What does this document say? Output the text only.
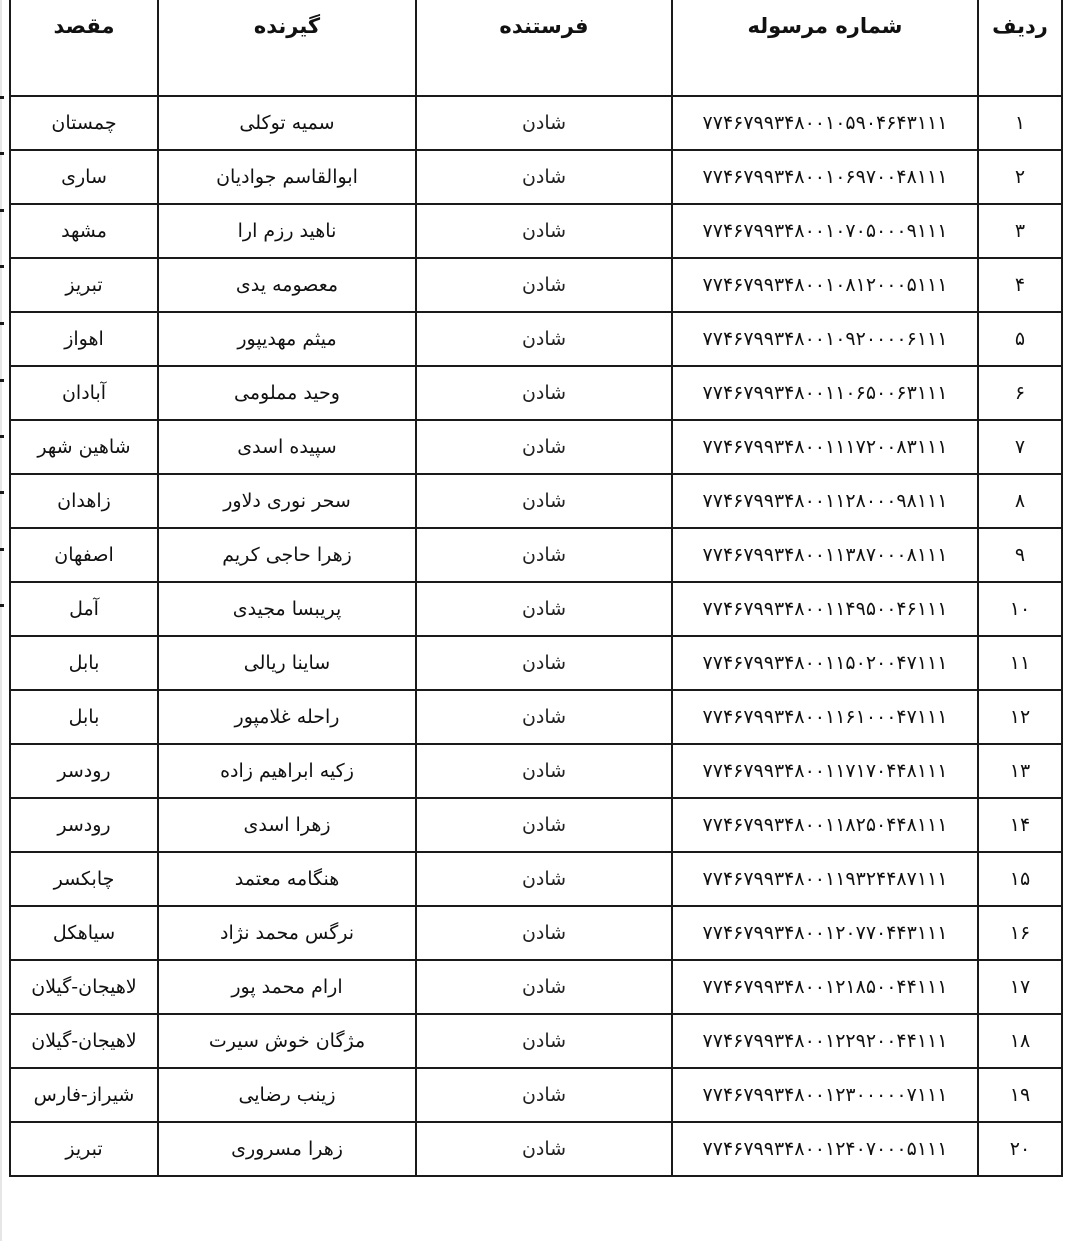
ردیف	شماره مرسوله	فرستنده	گیرنده	مقصد
۱	۷۷۴۶۷۹۹۳۴۸۰۰۱۰۵۹۰۴۶۴۳۱۱۱	شادن	سمیه توکلی	چمستان
۲	۷۷۴۶۷۹۹۳۴۸۰۰۱۰۶۹۷۰۰۴۸۱۱۱	شادن	ابوالقاسم جوادیان	ساری
۳	۷۷۴۶۷۹۹۳۴۸۰۰۱۰۷۰۵۰۰۰۹۱۱۱	شادن	ناهید رزم ارا	مشهد
۴	۷۷۴۶۷۹۹۳۴۸۰۰۱۰۸۱۲۰۰۰۵۱۱۱	شادن	معصومه یدی	تبریز
۵	۷۷۴۶۷۹۹۳۴۸۰۰۱۰۹۲۰۰۰۰۶۱۱۱	شادن	میثم مهدیپور	اهواز
۶	۷۷۴۶۷۹۹۳۴۸۰۰۱۱۰۶۵۰۰۶۳۱۱۱	شادن	وحید مملومی	آبادان
۷	۷۷۴۶۷۹۹۳۴۸۰۰۱۱۱۷۲۰۰۸۳۱۱۱	شادن	سپیده اسدی	شاهین شهر
۸	۷۷۴۶۷۹۹۳۴۸۰۰۱۱۲۸۰۰۰۹۸۱۱۱	شادن	سحر نوری دلاور	زاهدان
۹	۷۷۴۶۷۹۹۳۴۸۰۰۱۱۳۸۷۰۰۰۸۱۱۱	شادن	زهرا حاجی کریم	اصفهان
۱۰	۷۷۴۶۷۹۹۳۴۸۰۰۱۱۴۹۵۰۰۴۶۱۱۱	شادن	پریبسا مجیدی	آمل
۱۱	۷۷۴۶۷۹۹۳۴۸۰۰۱۱۵۰۲۰۰۴۷۱۱۱	شادن	ساینا ریالی	بابل
۱۲	۷۷۴۶۷۹۹۳۴۸۰۰۱۱۶۱۰۰۰۴۷۱۱۱	شادن	راحله غلامپور	بابل
۱۳	۷۷۴۶۷۹۹۳۴۸۰۰۱۱۷۱۷۰۴۴۸۱۱۱	شادن	زکیه ابراهیم زاده	رودسر
۱۴	۷۷۴۶۷۹۹۳۴۸۰۰۱۱۸۲۵۰۴۴۸۱۱۱	شادن	زهرا اسدی	رودسر
۱۵	۷۷۴۶۷۹۹۳۴۸۰۰۱۱۹۳۲۴۴۸۷۱۱۱	شادن	هنگامه معتمد	چابکسر
۱۶	۷۷۴۶۷۹۹۳۴۸۰۰۱۲۰۷۷۰۴۴۳۱۱۱	شادن	نرگس محمد نژاد	سیاهکل
۱۷	۷۷۴۶۷۹۹۳۴۸۰۰۱۲۱۸۵۰۰۴۴۱۱۱	شادن	ارام محمد پور	لاهیجان-گیلان
۱۸	۷۷۴۶۷۹۹۳۴۸۰۰۱۲۲۹۲۰۰۴۴۱۱۱	شادن	مژگان خوش سیرت	لاهیجان-گیلان
۱۹	۷۷۴۶۷۹۹۳۴۸۰۰۱۲۳۰۰۰۰۰۷۱۱۱	شادن	زینب رضایی	شیراز-فارس
۲۰	۷۷۴۶۷۹۹۳۴۸۰۰۱۲۴۰۷۰۰۰۵۱۱۱	شادن	زهرا مسروری	تبریز
